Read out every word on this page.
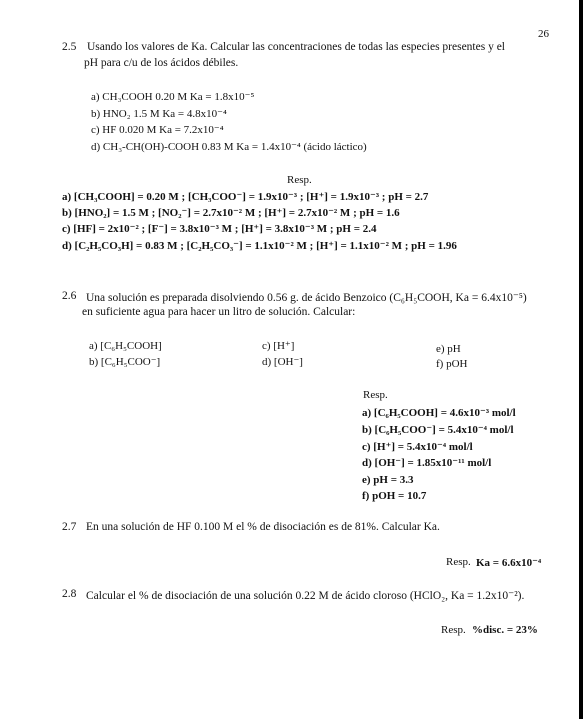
26
2.5 Usando los valores de Ka. Calcular las concentraciones de todas las especies presentes y el
pH para c/u de los ácidos débiles.
a) CH₃COOH 0.20 M Ka = 1.8x10⁻⁵
b) HNO₂ 1.5 M Ka = 4.8x10⁻⁴
c) HF 0.020 M Ka = 7.2x10⁻⁴
d) CH₃-CH(OH)-COOH 0.83 M Ka = 1.4x10⁻⁴ (ácido láctico)
Resp.
a) [CH₃COOH] = 0.20 M ; [CH₃COO⁻] = 1.9x10⁻³ ; [H⁺] = 1.9x10⁻³ ; pH = 2.7
b) [HNO₂] = 1.5 M ; [NO₂⁻] = 2.7x10⁻² M ; [H⁺] = 2.7x10⁻² M ; pH = 1.6
c) [HF] = 2x10⁻² ; [F⁻] = 3.8x10⁻³ M ; [H⁺] = 3.8x10⁻³ M ; pH = 2.4
d) [C₂H₅CO₃H] = 0.83 M ; [C₂H₅CO₃⁻] = 1.1x10⁻² M ; [H⁺] = 1.1x10⁻² M ; pH = 1.96
2.6 Una solución es preparada disolviendo 0.56 g. de ácido Benzoico (C₆H₅COOH, Ka = 6.4x10⁻⁵)
en suficiente agua para hacer un litro de solución. Calcular:
a) [C₆H₅COOH]
b) [C₆H₅COO⁻]
c) [H⁺]
d) [OH⁻]
e) pH
f) pOH
Resp.
a) [C₆H₅COOH] = 4.6x10⁻³ mol/l
b) [C₆H₅COO⁻] = 5.4x10⁻⁴ mol/l
c) [H⁺] = 5.4x10⁻⁴ mol/l
d) [OH⁻] = 1.85x10⁻¹¹ mol/l
e) pH = 3.3
f) pOH = 10.7
2.7 En una solución de HF 0.100 M el % de disociación es de 81%. Calcular Ka.
Resp. Ka = 6.6x10⁻⁴
2.8 Calcular el % de disociación de una solución 0.22 M de ácido cloroso (HClO₂, Ka = 1.2x10⁻²).
Resp. %disc. = 23%
